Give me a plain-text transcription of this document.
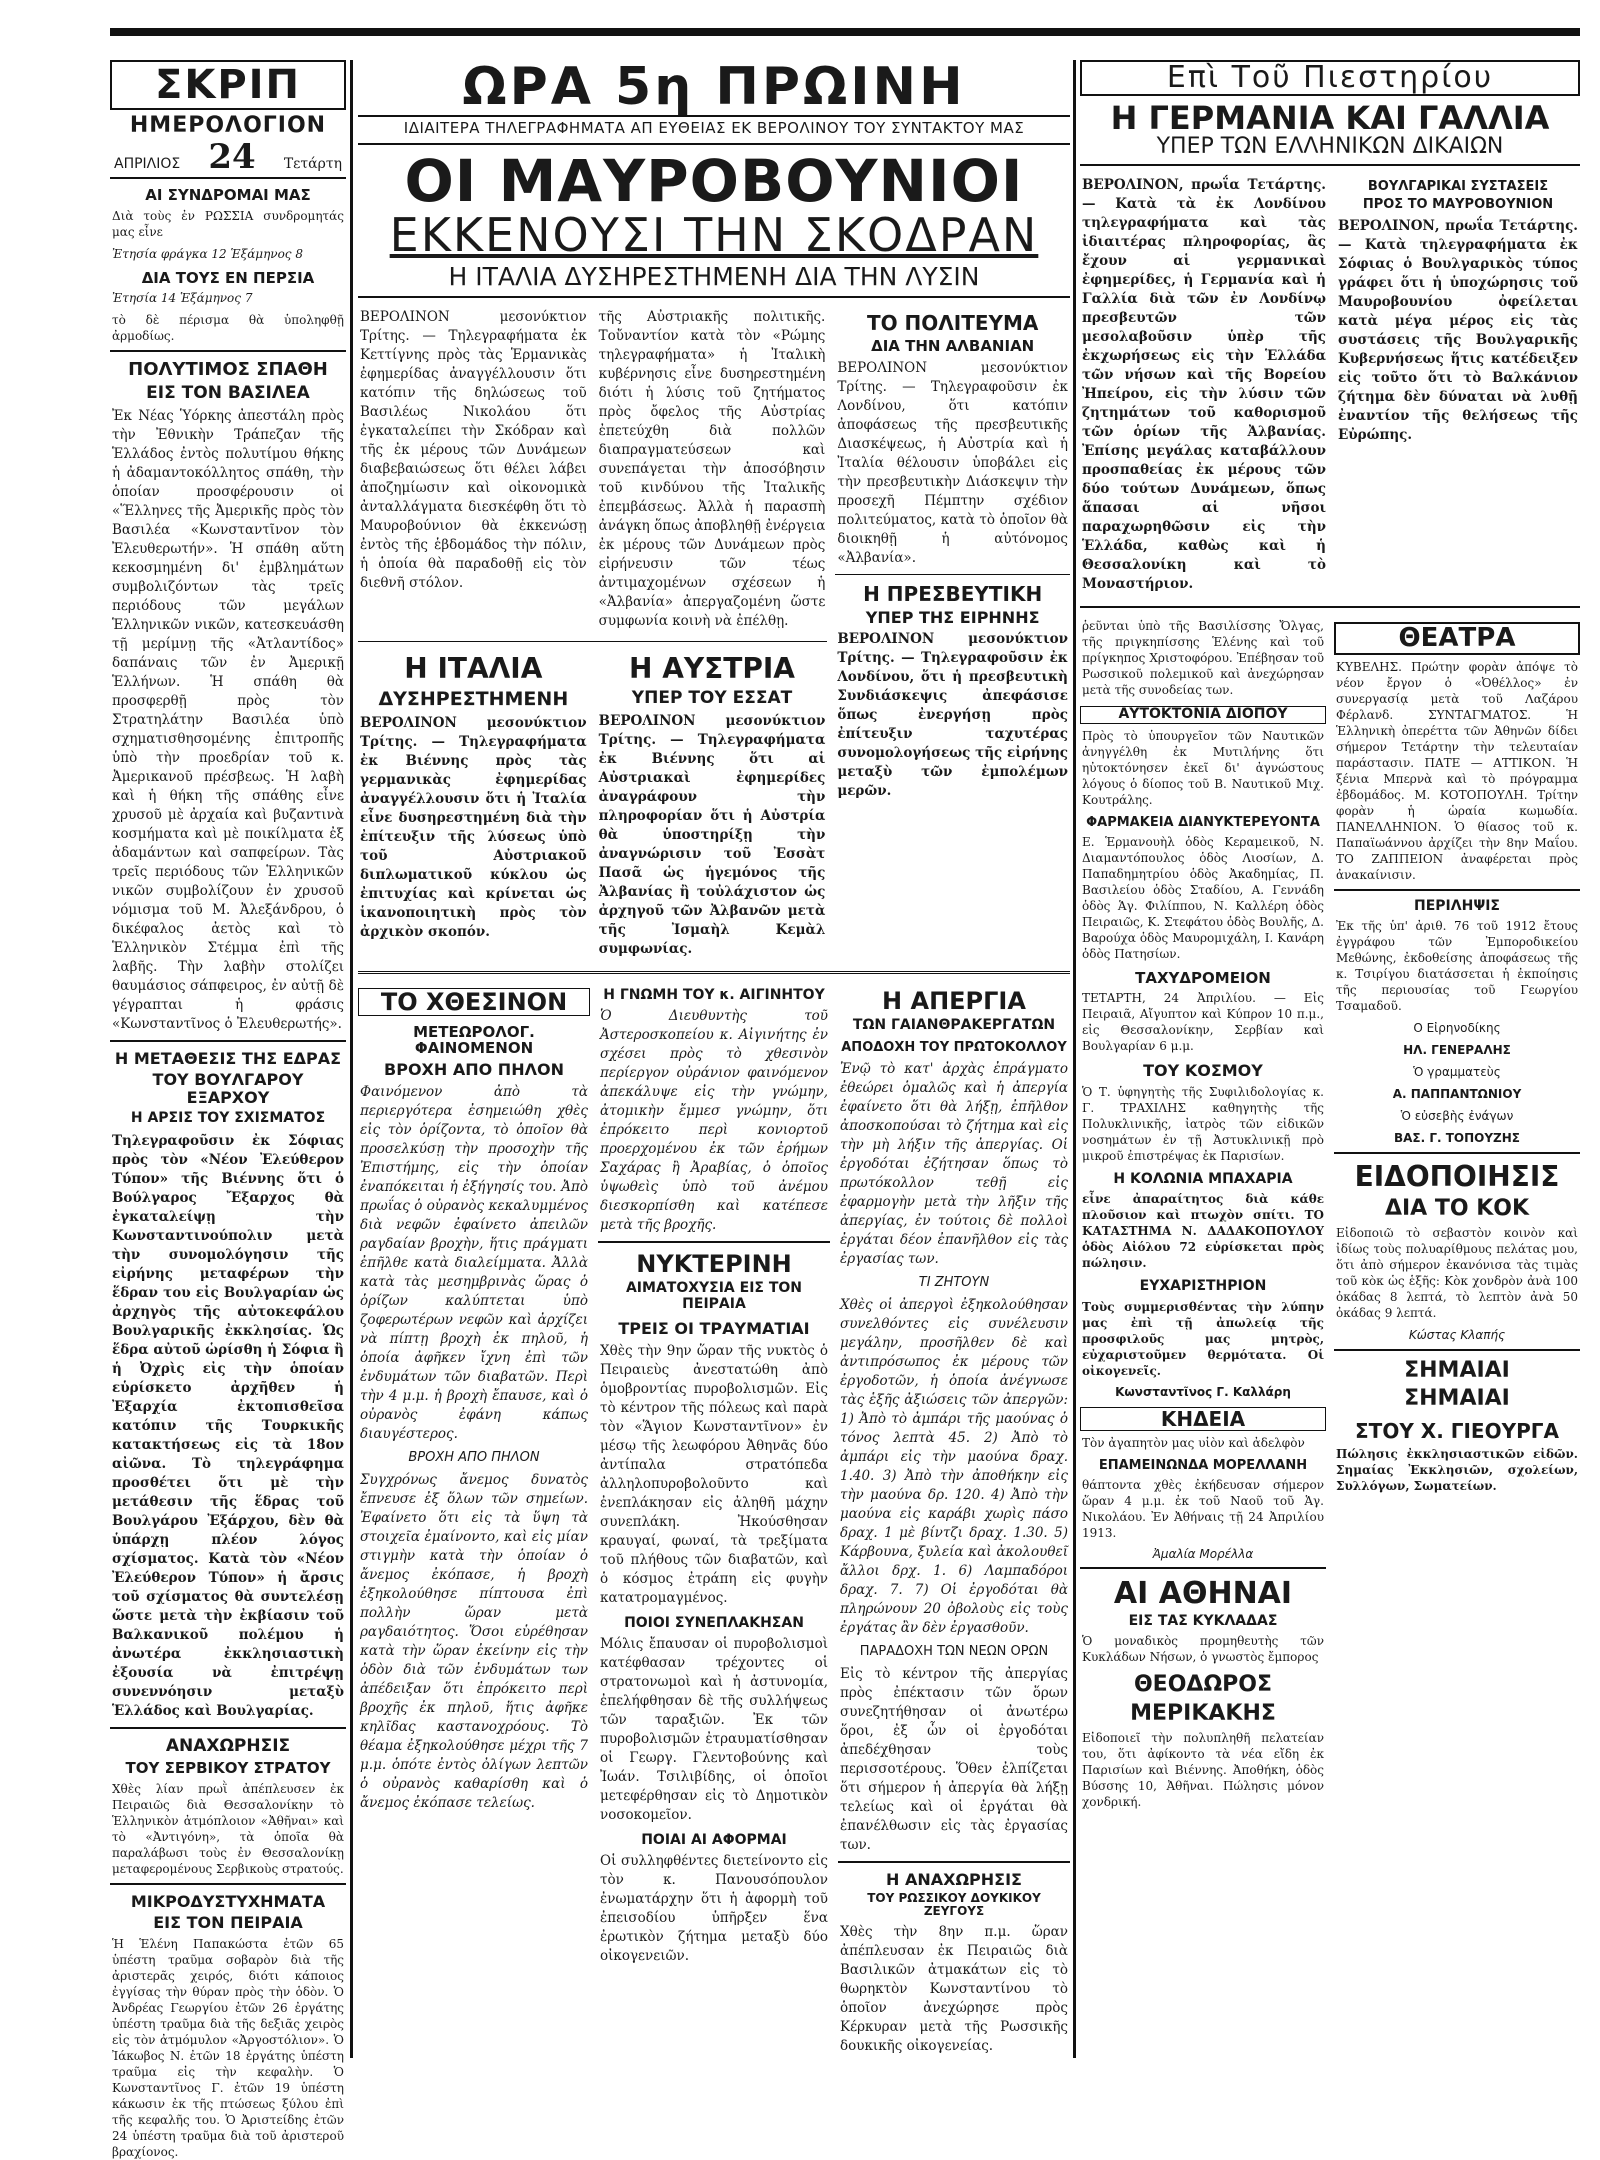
ΣΚΡΙΠ
ΗΜΕΡΟΛΟΓΙΟΝ
ΑΠΡΙΛΙΟΣ 24 Τετάρτη
ΑΙ ΣΥΝΔΡΟΜΑΙ ΜΑΣ
Διὰ τοὺς ἐν ΡΩΣΣΙΑ συνδρομητάς μας εἶνε
Ἐτησία φράγκα 12 Ἑξάμηνος 8
ΔΙΑ ΤΟΥΣ ΕΝ ΠΕΡΣΙΑ
Ἐτησία 14 Ἑξάμηνος 7
τὸ δὲ πέρισμα θὰ ὑποληφθῇ ἀρμοδίως.
ΠΟΛΥΤΙΜΟΣ ΣΠΑΘΗ
ΕΙΣ ΤΟΝ ΒΑΣΙΛΕΑ
Ἐκ Νέας Ὑόρκης ἀπεστάλη πρὸς τὴν Ἐθνικὴν Τράπεζαν τῆς Ἑλλάδος ἐντὸς πολυτίμου θήκης ἡ ἀδαμαντοκόλλητος σπάθη, τὴν ὁποίαν προσφέρουσιν οἱ «Ἕλληνες τῆς Ἀμερικῆς πρὸς τὸν Βασιλέα «Κωνσταντῖνον τὸν Ἐλευθερωτήν». Ἡ σπάθη αὕτη κεκοσμημένη δι' ἐμβλημάτων συμβολιζόντων τὰς τρεῖς περιόδους τῶν μεγάλων Ἑλληνικῶν νικῶν, κατεσκευάσθη τῇ μερίμνῃ τῆς «Ἀτλαντίδος» δαπάναις τῶν ἐν Ἀμερικῇ Ἑλλήνων. Ἡ σπάθη θὰ προσφερθῇ πρὸς τὸν Στρατηλάτην Βασιλέα ὑπὸ σχηματισθησομένης ἐπιτροπῆς ὑπὸ τὴν προεδρίαν τοῦ κ. Ἀμερικανοῦ πρέσβεως. Ἡ λαβὴ καὶ ἡ θήκη τῆς σπάθης εἶνε χρυσοῦ μὲ ἀρχαία καὶ βυζαντινὰ κοσμήματα καὶ μὲ ποικίλματα ἐξ ἀδαμάντων καὶ σαπφείρων. Τὰς τρεῖς περιόδους τῶν Ἑλληνικῶν νικῶν συμβολίζουν ἐν χρυσοῦ νόμισμα τοῦ Μ. Ἀλεξάνδρου, ὁ δικέφαλος ἀετὸς καὶ τὸ Ἑλληνικὸν Στέμμα ἐπὶ τῆς λαβῆς. Τὴν λαβὴν στολίζει θαυμάσιος σάπφειρος, ἐν αὐτῇ δὲ γέγραπται ἡ φράσις «Κωνσταντῖνος ὁ Ἐλευθερωτής».
Η ΜΕΤΑΘΕΣΙΣ ΤΗΣ ΕΔΡΑΣ
ΤΟΥ ΒΟΥΛΓΑΡΟΥ ΕΞΑΡΧΟΥ
Η ΑΡΣΙΣ ΤΟΥ ΣΧΙΣΜΑΤΟΣ
Τηλεγραφοῦσιν ἐκ Σόφιας πρὸς τὸν «Νέον Ἐλεύθερον Τύπον» τῆς Βιέννης ὅτι ὁ Βούλγαρος Ἔξαρχος θὰ ἐγκαταλείψῃ τὴν Κωνσταντινούπολιν μετὰ τὴν συνομολόγησιν τῆς εἰρήνης μεταφέρων τὴν ἕδραν του εἰς Βουλγαρίαν ὡς ἀρχηγὸς τῆς αὐτοκεφάλου Βουλγαρικῆς ἐκκλησίας. Ὡς ἕδρα αὐτοῦ ὡρίσθη ἡ Σόφια ἢ ἡ Ὀχρὶς εἰς τὴν ὁποίαν εὑρίσκετο ἀρχῆθεν ἡ Ἐξαρχία ἐκτοπισθεῖσα κατόπιν τῆς Τουρκικῆς κατακτήσεως εἰς τὰ 18ον αἰῶνα. Τὸ τηλεγράφημα προσθέτει ὅτι μὲ τὴν μετάθεσιν τῆς ἕδρας τοῦ Βουλγάρου Ἐξάρχου, δὲν θὰ ὑπάρχῃ πλέον λόγος σχίσματος. Κατὰ τὸν «Νέον Ἐλεύθερον Τύπον» ἡ ἄρσις τοῦ σχίσματος θὰ συντελέσῃ ὥστε μετὰ τὴν ἐκβίασιν τοῦ Βαλκανικοῦ πολέμου ἡ ἀνωτέρα ἐκκλησιαστικὴ ἐξουσία νὰ ἐπιτρέψῃ συνεννόησιν μεταξὺ Ἑλλάδος καὶ Βουλγαρίας.
ΑΝΑΧΩΡΗΣΙΣ
ΤΟΥ ΣΕΡΒΙΚΟΥ ΣΤΡΑΤΟΥ
Χθὲς λίαν πρωῒ ἀπέπλευσεν ἐκ Πειραιῶς διὰ Θεσσαλονίκην τὸ Ἑλληνικὸν ἀτμόπλοιον «Ἀθῆναι» καὶ τὸ «Ἀντιγόνη», τὰ ὁποῖα θὰ παραλάβωσι τοὺς ἐν Θεσσαλονίκῃ μεταφερομένους Σερβικοὺς στρατούς.
ΜΙΚΡΟΔΥΣΤΥΧΗΜΑΤΑ
ΕΙΣ ΤΟΝ ΠΕΙΡΑΙΑ
Ἡ Ἑλένη Παπακώστα ἐτῶν 65 ὑπέστη τραῦμα σοβαρὸν διὰ τῆς ἀριστερᾶς χειρός, διότι κάποιος ἐγγίσας τὴν θύραν πρὸς τὴν ὁδὸν. Ὁ Ἀνδρέας Γεωργίου ἐτῶν 26 ἐργάτης ὑπέστη τραῦμα διὰ τῆς δεξιᾶς χειρὸς εἰς τὸν ἀτμόμυλον «Ἀργοστόλιον». Ὁ Ἰάκωβος Ν. ἐτῶν 18 ἐργάτης ὑπέστη τραῦμα εἰς τὴν κεφαλὴν. Ὁ Κωνσταντῖνος Γ. ἐτῶν 19 ὑπέστη κάκωσιν ἐκ τῆς πτώσεως ξύλου ἐπὶ τῆς κεφαλῆς του. Ὁ Ἀριστείδης ἐτῶν 24 ὑπέστη τραῦμα διὰ τοῦ ἀριστεροῦ βραχίονος.
ΩΡΑ 5η ΠΡΩΙΝΗ
ΙΔΙΑΙΤΕΡΑ ΤΗΛΕΓΡΑΦΗΜΑΤΑ ΑΠ ΕΥΘΕΙΑΣ ΕΚ ΒΕΡΟΛΙΝΟΥ ΤΟΥ ΣΥΝΤΑΚΤΟΥ ΜΑΣ
ΟΙ ΜΑΥΡΟΒΟΥΝΙΟΙ
ΕΚΚΕΝΟΥΣΙ ΤΗΝ ΣΚΟΔΡΑΝ
Η ΙΤΑΛΙΑ ΔΥΣΗΡΕΣΤΗΜΕΝΗ ΔΙΑ ΤΗΝ ΛΥΣΙΝ
ΒΕΡΟΛΙΝΟΝ μεσονύκτιον Τρίτης. — Τηλεγραφήματα ἐκ Κεττίγνης πρὸς τὰς Ἑρμανικὰς ἐφημερίδας ἀναγγέλλουσιν ὅτι κατόπιν τῆς δηλώσεως τοῦ Βασιλέως Νικολάου ὅτι ἐγκαταλείπει τὴν Σκόδραν καὶ τῆς ἐκ μέρους τῶν Δυνάμεων διαβεβαιώσεως ὅτι θέλει λάβει ἀποζημίωσιν καὶ οἰκονομικὰ ἀνταλλάγματα διεσκέφθη ὅτι τὸ Μαυροβούνιον θὰ ἐκκενώσῃ ἐντὸς τῆς ἑβδομάδος τὴν πόλιν, ἡ ὁποία θὰ παραδοθῇ εἰς τὸν διεθνῆ στόλον.
τῆς Αὐστριακῆς πολιτικῆς. Τοὔναντίον κατὰ τὸν «Ρώμης τηλεγραφήματα» ἡ Ἰταλικὴ κυβέρνησις εἶνε δυσηρεστημένη διότι ἡ λύσις τοῦ ζητήματος πρὸς ὄφελος τῆς Αὐστρίας ἐπετεύχθη διὰ πολλῶν διαπραγματεύσεων καὶ συνεπάγεται τὴν ἀποσόβησιν τοῦ κινδύνου τῆς Ἰταλικῆς ἐπεμβάσεως. Ἀλλὰ ἡ παρασπὴ ἀνάγκη ὅπως ἀποβληθῇ ἐνέργεια ἐκ μέρους τῶν Δυνάμεων πρὸς εἰρήνευσιν τῶν τέως ἀντιμαχομένων σχέσεων ἡ «Ἀλβανία» ἀπεργαζομένη ὥστε συμφωνία κοινὴ νὰ ἐπέλθῃ.
Η ΙΤΑΛΙΑ
ΔΥΣΗΡΕΣΤΗΜΕΝΗ
ΒΕΡΟΛΙΝΟΝ μεσονύκτιον Τρίτης. — Τηλεγραφήματα ἐκ Βιέννης πρὸς τὰς γερμανικὰς ἐφημερίδας ἀναγγέλλουσιν ὅτι ἡ Ἰταλία εἶνε δυσηρεστημένη διὰ τὴν ἐπίτευξιν τῆς λύσεως ὑπὸ τοῦ Αὐστριακοῦ διπλωματικοῦ κύκλου ὡς ἐπιτυχίας καὶ κρίνεται ὡς ἱκανοποιητικὴ πρὸς τὸν ἀρχικὸν σκοπόν.
Η ΑΥΣΤΡΙΑ
ΥΠΕΡ ΤΟΥ ΕΣΣΑΤ
ΒΕΡΟΛΙΝΟΝ μεσονύκτιον Τρίτης. — Τηλεγραφήματα ἐκ Βιέννης ὅτι αἱ Αὐστριακαὶ ἐφημερίδες ἀναγράφουν τὴν πληροφορίαν ὅτι ἡ Αὐστρία θὰ ὑποστηρίξῃ τὴν ἀναγνώρισιν τοῦ Ἐσσὰτ Πασᾶ ὡς ἡγεμόνος τῆς Ἀλβανίας ἢ τοὐλάχιστον ὡς ἀρχηγοῦ τῶν Ἀλβανῶν μετὰ τῆς Ἰσμαὴλ Κεμὰλ συμφωνίας.
ΤΟ ΠΟΛΙΤΕΥΜΑ
ΔΙΑ ΤΗΝ ΑΛΒΑΝΙΑΝ
ΒΕΡΟΛΙΝΟΝ μεσονύκτιον Τρίτης. — Τηλεγραφοῦσιν ἐκ Λονδίνου, ὅτι κατόπιν ἀποφάσεως τῆς πρεσβευτικῆς Διασκέψεως, ἡ Αὐστρία καὶ ἡ Ἰταλία θέλουσιν ὑποβάλει εἰς τὴν πρεσβευτικὴν Διάσκεψιν τὴν προσεχῆ Πέμπτην σχέδιον πολιτεύματος, κατὰ τὸ ὁποῖον θὰ διοικηθῇ ἡ αὐτόνομος «Ἀλβανία».
Η ΠΡΕΣΒΕΥΤΙΚΗ
ΥΠΕΡ ΤΗΣ ΕΙΡΗΝΗΣ
ΒΕΡΟΛΙΝΟΝ μεσονύκτιον Τρίτης. — Τηλεγραφοῦσιν ἐκ Λονδίνου, ὅτι ἡ πρεσβευτικὴ Συνδιάσκεψις ἀπεφάσισε ὅπως ἐνεργήσῃ πρὸς ἐπίτευξιν ταχυτέρας συνομολογήσεως τῆς εἰρήνης μεταξὺ τῶν ἐμπολέμων μερῶν.
ΤΟ ΧΘΕΣΙΝΟΝ
ΜΕΤΕΩΡΟΛΟΓ. ΦΑΙΝΟΜΕΝΟΝ
ΒΡΟΧΗ ΑΠΟ ΠΗΛΟΝ
Φαινόμενον ἀπὸ τὰ περιεργότερα ἐσημειώθη χθὲς εἰς τὸν ὁρίζοντα, τὸ ὁποῖον θὰ προσελκύσῃ τὴν προσοχὴν τῆς Ἐπιστήμης, εἰς τὴν ὁποίαν ἐναπόκειται ἡ ἐξήγησίς του. Ἀπὸ πρωΐας ὁ οὐρανὸς κεκαλυμμένος διὰ νεφῶν ἐφαίνετο ἀπειλῶν ραγδαίαν βροχὴν, ἥτις πράγματι ἐπῆλθε κατὰ διαλείμματα. Ἀλλὰ κατὰ τὰς μεσημβρινὰς ὥρας ὁ ὁρίζων καλύπτεται ὑπὸ ζοφερωτέρων νεφῶν καὶ ἀρχίζει νὰ πίπτῃ βροχὴ ἐκ πηλοῦ, ἡ ὁποία ἀφῆκεν ἴχνη ἐπὶ τῶν ἐνδυμάτων τῶν διαβατῶν. Περὶ τὴν 4 μ.μ. ἡ βροχὴ ἔπαυσε, καὶ ὁ οὐρανὸς ἐφάνη κάπως διαυγέστερος.
ΒΡΟΧΗ ΑΠΟ ΠΗΛΟΝ
Συγχρόνως ἄνεμος δυνατὸς ἔπνευσε ἐξ ὅλων τῶν σημείων. Ἐφαίνετο ὅτι εἰς τὰ ὕψη τὰ στοιχεῖα ἐμαίνοντο, καὶ εἰς μίαν στιγμὴν κατὰ τὴν ὁποίαν ὁ ἄνεμος ἐκόπασε, ἡ βροχὴ ἐξηκολούθησε πίπτουσα ἐπὶ πολλὴν ὥραν μετὰ ραγδαιότητος. Ὅσοι εὑρέθησαν κατὰ τὴν ὥραν ἐκείνην εἰς τὴν ὁδὸν διὰ τῶν ἐνδυμάτων των ἀπέδειξαν ὅτι ἐπρόκειτο περὶ βροχῆς ἐκ πηλοῦ, ἥτις ἀφῆκε κηλῖδας καστανοχρόους. Τὸ θέαμα ἐξηκολούθησε μέχρι τῆς 7 μ.μ. ὁπότε ἐντὸς ὀλίγων λεπτῶν ὁ οὐρανὸς καθαρίσθη καὶ ὁ ἄνεμος ἐκόπασε τελείως.
Η ΓΝΩΜΗ ΤΟΥ κ. ΑΙΓΙΝΗΤΟΥ
Ὁ Διευθυντὴς τοῦ Ἀστεροσκοπείου κ. Αἰγινήτης ἐν σχέσει πρὸς τὸ χθεσινὸν περίεργον οὐράνιον φαινόμενον ἀπεκάλυψε εἰς τὴν γνώμην, ἀτομικὴν ἔμμεσ γνώμην, ὅτι ἐπρόκειτο περὶ κονιορτοῦ προερχομένου ἐκ τῶν ἐρήμων Σαχάρας ἢ Ἀραβίας, ὁ ὁποῖος ὑψωθεὶς ὑπὸ τοῦ ἀνέμου διεσκορπίσθη καὶ κατέπεσε μετὰ τῆς βροχῆς.
ΝΥΚΤΕΡΙΝΗ
ΑΙΜΑΤΟΧΥΣΙΑ ΕΙΣ ΤΟΝ ΠΕΙΡΑΙΑ
ΤΡΕΙΣ ΟΙ ΤΡΑΥΜΑΤΙΑΙ
Χθὲς τὴν 9ην ὥραν τῆς νυκτὸς ὁ Πειραιεὺς ἀνεστατώθη ἀπὸ ὁμοβροντίας πυροβολισμῶν. Εἰς τὸ κέντρον τῆς πόλεως καὶ παρὰ τὸν «Ἅγιον Κωνσταντῖνον» ἐν μέσῳ τῆς λεωφόρου Ἀθηνᾶς δύο ἀντίπαλα στρατόπεδα ἀλληλοπυροβολοῦντο καὶ ἐνεπλάκησαν εἰς ἀληθῆ μάχην συνεπλάκη. Ἠκούσθησαν κραυγαί, φωναί, τὰ τρεξίματα τοῦ πλήθους τῶν διαβατῶν, καὶ ὁ κόσμος ἐτράπη εἰς φυγὴν κατατρομαγμένος.
ΠΟΙΟΙ ΣΥΝΕΠΛΑΚΗΣΑΝ
Μόλις ἔπαυσαν οἱ πυροβολισμοὶ κατέφθασαν τρέχοντες οἱ στρατονωμοὶ καὶ ἡ ἀστυνομία, ἐπελήφθησαν δὲ τῆς συλλήψεως τῶν ταραξιῶν. Ἐκ τῶν πυροβολισμῶν ἐτραυματίσθησαν οἱ Γεωργ. Γλεντοβούνης καὶ Ἰωάν. Τσιλιβίδης, οἱ ὁποῖοι μετεφέρθησαν εἰς τὸ Δημοτικὸν νοσοκομεῖον.
ΠΟΙΑΙ ΑΙ ΑΦΟΡΜΑΙ
Οἱ συλληφθέντες διετείνοντο εἰς τὸν κ. Πανουσόπουλον ἐνωματάρχην ὅτι ἡ ἀφορμὴ τοῦ ἐπεισοδίου ὑπῆρξεν ἕνα ἐρωτικὸν ζήτημα μεταξὺ δύο οἰκογενειῶν.
Η ΑΠΕΡΓΙΑ
ΤΩΝ ΓΑΙΑΝΘΡΑΚΕΡΓΑΤΩΝ
ΑΠΟΔΟΧΗ ΤΟΥ ΠΡΩΤΟΚΟΛΛΟΥ
Ἐνῷ τὸ κατ' ἀρχὰς ἐπράγματο ἐθεώρει ὁμαλῶς καὶ ἡ ἀπεργία ἐφαίνετο ὅτι θὰ λήξῃ, ἐπῆλθον ἀποσκοπούσαι τὸ ζήτημα καὶ εἰς τὴν μὴ λήξιν τῆς ἀπεργίας. Οἱ ἐργοδόται ἐζήτησαν ὅπως τὸ πρωτόκολλον τεθῇ εἰς ἐφαρμογὴν μετὰ τὴν λῆξιν τῆς ἀπεργίας, ἐν τούτοις δὲ πολλοὶ ἐργάται δέον ἐπανῆλθον εἰς τὰς ἐργασίας των.
ΤΙ ΖΗΤΟΥΝ
Χθὲς οἱ ἀπεργοὶ ἐξηκολούθησαν συνελθόντες εἰς συνέλευσιν μεγάλην, προσῆλθεν δὲ καὶ ἀντιπρόσωπος ἐκ μέρους τῶν ἐργοδοτῶν, ἡ ὁποία ἀνέγνωσε τὰς ἑξῆς ἀξιώσεις τῶν ἀπεργῶν: 1) Ἀπὸ τὸ ἀμπάρι τῆς μαούνας ὁ τόνος λεπτὰ 45. 2) Ἀπὸ τὸ ἀμπάρι εἰς τὴν μαούνα δραχ. 1.40. 3) Ἀπὸ τὴν ἀποθήκην εἰς τὴν μαούνα δρ. 120. 4) Ἀπὸ τὴν μαούνα εἰς καράβι χωρὶς πάσο δραχ. 1 μὲ βίντζι δραχ. 1.30. 5) Κάρβουνα, ξυλεία καὶ ἀκολουθεῖ ἄλλοι δρχ. 1. 6) Λαμπαδόροι δραχ. 7. 7) Οἱ ἐργοδόται θὰ πληρώνουν 20 ὀβολοὺς εἰς τοὺς ἐργάτας ἂν δὲν ἐργασθοῦν.
ΠΑΡΑΔΟΧΗ ΤΩΝ ΝΕΩΝ ΟΡΩΝ
Εἰς τὸ κέντρον τῆς ἀπεργίας πρὸς ἐπέκτασιν τῶν ὅρων συνεζητήθησαν οἱ ἀνωτέρω ὅροι, ἐξ ὧν οἱ ἐργοδόται ἀπεδέχθησαν τοὺς περισσοτέρους. Ὅθεν ἐλπίζεται ὅτι σήμερον ἡ ἀπεργία θὰ λήξῃ τελείως καὶ οἱ ἐργάται θὰ ἐπανέλθωσιν εἰς τὰς ἐργασίας των.
Η ΑΝΑΧΩΡΗΣΙΣ
ΤΟΥ ΡΩΣΣΙΚΟΥ ΔΟΥΚΙΚΟΥ ΖΕΥΓΟΥΣ
Χθὲς τὴν 8ην π.μ. ὥραν ἀπέπλευσαν ἐκ Πειραιῶς διὰ Βασιλικῶν ἀτμακάτων εἰς τὸ θωρηκτὸν Κωνσταντίνου τὸ ὁποῖον ἀνεχώρησε πρὸς Κέρκυραν μετὰ τῆς Ρωσσικῆς δουκικῆς οἰκογενείας.
Επὶ Τοῦ Πιεστηρίου
Η ΓΕΡΜΑΝΙΑ ΚΑΙ ΓΑΛΛΙΑ
ΥΠΕΡ ΤΩΝ ΕΛΛΗΝΙΚΩΝ ΔΙΚΑΙΩΝ
ΒΕΡΟΛΙΝΟΝ, πρωΐα Τετάρτης. — Κατὰ τὰ ἐκ Λονδίνου τηλεγραφήματα καὶ τὰς ἰδιαιτέρας πληροφορίας, ἃς ἔχουν αἱ γερμανικαὶ ἐφημερίδες, ἡ Γερμανία καὶ ἡ Γαλλία διὰ τῶν ἐν Λονδίνῳ πρεσβευτῶν τῶν μεσολαβοῦσιν ὑπὲρ τῆς ἐκχωρήσεως εἰς τὴν Ἑλλάδα τῶν νήσων καὶ τῆς Βορείου Ἠπείρου, εἰς τὴν λύσιν τῶν ζητημάτων τοῦ καθορισμοῦ τῶν ὁρίων τῆς Ἀλβανίας. Ἐπίσης μεγάλας καταβάλλουν προσπαθείας ἐκ μέρους τῶν δύο τούτων Δυνάμεων, ὅπως ἅπασαι αἱ νῆσοι παραχωρηθῶσιν εἰς τὴν Ἑλλάδα, καθὼς καὶ ἡ Θεσσαλονίκη καὶ τὸ Μοναστήριον.
ΒΟΥΛΓΑΡΙΚΑΙ ΣΥΣΤΑΣΕΙΣ
ΠΡΟΣ ΤΟ ΜΑΥΡΟΒΟΥΝΙΟΝ
ΒΕΡΟΛΙΝΟΝ, πρωΐα Τετάρτης. — Κατὰ τηλεγραφήματα ἐκ Σόφιας ὁ Βουλγαρικὸς τύπος γράφει ὅτι ἡ ὑποχώρησις τοῦ Μαυροβουνίου ὀφείλεται κατὰ μέγα μέρος εἰς τὰς συστάσεις τῆς Βουλγαρικῆς Κυβερνήσεως ἥτις κατέδειξεν εἰς τοῦτο ὅτι τὸ Βαλκάνιον ζήτημα δὲν δύναται νὰ λυθῇ ἐναντίον τῆς θελήσεως τῆς Εὐρώπης.
ῥεῦνται ὑπὸ τῆς Βασιλίσσης Ὄλγας, τῆς πριγκηπίσσης Ἑλένης καὶ τοῦ πρίγκηπος Χριστοφόρου. Ἐπέβησαν τοῦ Ρωσσικοῦ πολεμικοῦ καὶ ἀνεχώρησαν μετὰ τῆς συνοδείας των.
ΑΥΤΟΚΤΟΝΙΑ ΔΙΟΠΟΥ
Πρὸς τὸ ὑπουργεῖον τῶν Ναυτικῶν ἀνηγγέλθη ἐκ Μυτιλήνης ὅτι ηὐτοκτόνησεν ἐκεῖ δι' ἀγνώστους λόγους ὁ δίοπος τοῦ Β. Ναυτικοῦ Μιχ. Κουτράλης.
ΦΑΡΜΑΚΕΙΑ ΔΙΑΝΥΚΤΕΡΕΥΟΝΤΑ
Ε. Ἑρμανουὴλ ὁδὸς Κεραμεικοῦ, Ν. Διαμαντόπουλος ὁδὸς Λιοσίων, Δ. Παπαδημητρίου ὁδὸς Ἀκαδημίας, Π. Βασιλείου ὁδὸς Σταδίου, Α. Γεννάδη ὁδὸς Ἁγ. Φιλίππου, Ν. Καλλέρη ὁδὸς Πειραιῶς, Κ. Στεφάτου ὁδὸς Βουλῆς, Δ. Βαρούχα ὁδὸς Μαυρομιχάλη, Ι. Κανάρη ὁδὸς Πατησίων.
ΤΑΧΥΔΡΟΜΕΙΟΝ
ΤΕΤΑΡΤΗ, 24 Ἀπριλίου. — Εἰς Πειραιᾶ, Αἴγυπτον καὶ Κύπρον 10 π.μ., εἰς Θεσσαλονίκην, Σερβίαν καὶ Βουλγαρίαν 6 μ.μ.
ΤΟΥ ΚΟΣΜΟΥ
Ὁ Τ. ὑφηγητὴς τῆς Συφιλιδολογίας κ. Γ. ΤΡΑΧΙΛΗΣ καθηγητὴς τῆς Πολυκλινικῆς, ἰατρὸς τῶν εἰδικῶν νοσημάτων ἐν τῇ Ἀστυκλινικῇ πρὸ μικροῦ ἐπιστρέψας ἐκ Παρισίων.
Η ΚΟΛΩΝΙΑ ΜΠΑΧΑΡΙΑ
εἶνε ἀπαραίτητος διὰ κάθε πλοῦσιον καὶ πτωχὸν σπίτι. ΤΟ ΚΑΤΑΣΤΗΜΑ Ν. ΔΑΔΑΚΟΠΟΥΛΟΥ ὁδὸς Αἰόλου 72 εὑρίσκεται πρὸς πώλησιν.
ΕΥΧΑΡΙΣΤΗΡΙΟΝ
Τοὺς συμμερισθέντας τὴν λύπην μας ἐπὶ τῇ ἀπωλείᾳ τῆς προσφιλοῦς μας μητρὸς, εὐχαριστοῦμεν θερμότατα. Οἱ οἰκογενεῖς.
Κωνσταντῖνος Γ. Καλλάρη
ΚΗΔΕΙΑ
Τὸν ἀγαπητὸν μας υἱὸν καὶ ἀδελφὸν
ΕΠΑΜΕΙΝΩΝΔΑ ΜΟΡΕΛΛΑΝΗ
θάπτοντα χθὲς ἐκήδευσαν σήμερον ὥραν 4 μ.μ. ἐκ τοῦ Ναοῦ τοῦ Ἁγ. Νικολάου. Ἐν Ἀθήναις τῇ 24 Ἀπριλίου 1913.
Ἀμαλία Μορέλλα
ΑΙ ΑΘΗΝΑΙ
ΕΙΣ ΤΑΣ ΚΥΚΛΑΔΑΣ
Ὁ μοναδικὸς προμηθευτὴς τῶν Κυκλάδων Νήσων, ὁ γνωστὸς ἔμπορος
ΘΕΟΔΩΡΟΣ
ΜΕΡΙΚΑΚΗΣ
Εἰδοποιεῖ τὴν πολυπληθῆ πελατείαν του, ὅτι ἀφίκοντο τὰ νέα εἴδη ἐκ Παρισίων καὶ Βιέννης. Ἀποθήκη, ὁδὸς Βύσσης 10, Ἀθῆναι. Πώλησις μόνον χονδρική.
ΘΕΑΤΡΑ
ΚΥΒΕΛΗΣ. Πρώτην φορὰν ἀπόψε τὸ νέον ἔργον ὁ «Ὀθέλλος» ἐν συνεργασίᾳ μετὰ τοῦ Λαζάρου Φέρλανδ. ΣΥΝΤΑΓΜΑΤΟΣ. Ἡ Ἑλληνικὴ ὀπερέττα τῶν Ἀθηνῶν δίδει σήμερον Τετάρτην τὴν τελευταίαν παράστασιν. ΠΑΤΕ — ΑΤΤΙΚΟΝ. Ἡ ξένια Μπερνὰ καὶ τὸ πρόγραμμα ἐβδομάδος. Μ. ΚΟΤΟΠΟΥΛΗ. Τρίτην φορὰν ἡ ὡραία κωμωδία. ΠΑΝΕΛΛΗΝΙΟΝ. Ὁ θίασος τοῦ κ. Παπαϊωάννου ἀρχίζει τὴν 8ην Μαΐου. ΤΟ ΖΑΠΠΕΙΟΝ ἀναφέρεται πρὸς ἀνακαίνισιν.
ΠΕΡΙΛΗΨΙΣ
Ἐκ τῆς ὑπ' ἀριθ. 76 τοῦ 1912 ἔτους ἐγγράφου τῶν Ἐμποροδικείου Μεθώνης, ἐκδοθείσης ἀποφάσεως τῆς κ. Τσιρίγου διατάσσεται ἡ ἐκποίησις τῆς περιουσίας τοῦ Γεωργίου Τσαμαδοῦ.
Ο Εἰρηνοδίκης
ΗΛ. ΓΕΝΕΡΑΛΗΣ
Ὁ γραμματεὺς
Α. ΠΑΠΠΑΝΤΩΝΙΟΥ
Ὁ εὐσεβὴς ἐνάγων
ΒΑΣ. Γ. ΤΟΠΟΥΖΗΣ
ΕΙΔΟΠΟΙΗΣΙΣ
ΔΙΑ ΤΟ ΚΟΚ
Εἰδοποιῶ τὸ σεβαστὸν κοινὸν καὶ ἰδίως τοὺς πολυαρίθμους πελάτας μου, ὅτι ἀπὸ σήμερον ἐκανόνισα τὰς τιμὰς τοῦ κὸκ ὡς ἑξῆς: Κὸκ χονδρὸν ἀνὰ 100 ὀκάδας 8 λεπτά, τὸ λεπτὸν ἀνὰ 50 ὀκάδας 9 λεπτά.
Κώστας Κλαπής
ΣΗΜΑΙΑΙ
ΣΗΜΑΙΑΙ
ΣΤΟΥ Χ. ΓΙΕΟΥΡΓΑ
Πώλησις ἐκκλησιαστικῶν εἰδῶν. Σημαίας Ἐκκλησιῶν, σχολείων, Συλλόγων, Σωματείων.
